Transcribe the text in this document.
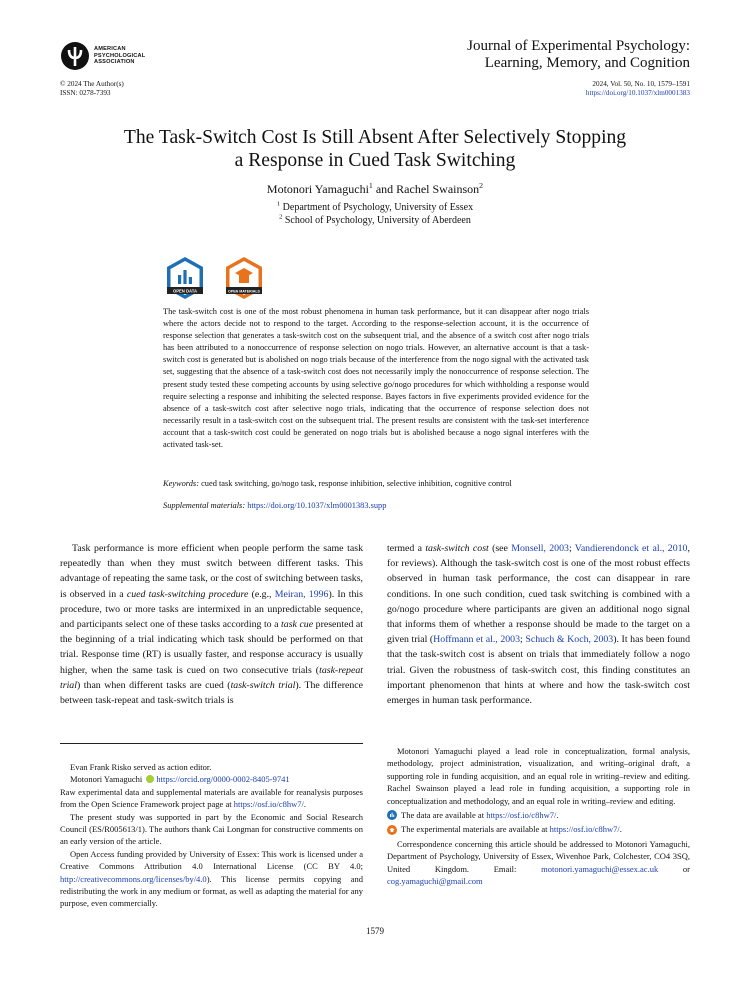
AMERICAN
PSYCHOLOGICAL
ASSOCIATION
Journal of Experimental Psychology:
Learning, Memory, and Cognition
© 2024 The Author(s)
ISSN: 0278-7393
2024, Vol. 50, No. 10, 1579–1591
https://doi.org/10.1037/xlm0001383
The Task-Switch Cost Is Still Absent After Selectively Stopping
a Response in Cued Task Switching
Motonori Yamaguchi$^1$ and Rachel Swainson$^2$
$^1$ Department of Psychology, University of Essex
$^2$ School of Psychology, University of Aberdeen
OPEN DATA	OPEN MATERIALS

The task-switch cost is one of the most robust phenomena in human task performance, but it can disappear after nogo trials where the actors decide not to respond to the target. According to the response-selection account, it is the occurrence of response selection that generates a task-switch cost on the subsequent trial, and the absence of a switch cost after nogo trials has been attributed to a nonoccurrence of response selection on nogo trials. However, an alternative account is that a task-switch cost is generated but is abolished on nogo trials because of the interference from the nogo signal with the activated task set, suggesting that the absence of a task-switch cost does not necessarily imply the nonoccurrence of response selection. The present study tested these competing accounts by using selective go/nogo procedures for which withholding a response would require selecting a response and inhibiting the selected response. Bayes factors in five experiments provided evidence for the absence of a task-switch cost after selective nogo trials, indicating that the occurrence of response selection does not necessarily result in a task-switch cost on the subsequent trial. The present results are consistent with the task-set interference account that a task-switch cost could be generated on nogo trials but is abolished because a nogo signal interferes with the activated task-set.

Keywords: cued task switching, go/nogo task, response inhibition, selective inhibition, cognitive control
Supplemental materials: https://doi.org/10.1037/xlm0001383.supp

Task performance is more efficient when people perform the same task repeatedly than when they must switch between different tasks. This advantage of repeating the same task, or the cost of switching between tasks, is observed in a cued task-switching procedure (e.g., Meiran, 1996). In this procedure, two or more tasks are intermixed in an unpredictable sequence, and participants select one of these tasks according to a task cue presented at the beginning of a trial indicating which task should be performed on that trial. Response time (RT) is usually faster, and response accuracy is usually higher, when the same task is cued on two consecutive trials (task-repeat trial) than when different tasks are cued (task-switch trial). The difference between task-repeat and task-switch trials is

termed a task-switch cost (see Monsell, 2003; Vandierendonck et al., 2010, for reviews). Although the task-switch cost is one of the most robust effects observed in human task performance, the cost can disappear in rare conditions. In one such condition, cued task switching is combined with a go/nogo procedure where participants are given an additional nogo signal that informs them of whether a response should be made to the target on a given trial (Hoffmann et al., 2003; Schuch & Koch, 2003). It has been found that the task-switch cost is absent on trials that immediately follow a nogo trial. Given the robustness of task-switch cost, this finding constitutes an important phenomenon that hints at where and how the task-switch cost emerges in human task performance.

Evan Frank Risko served as action editor.

Motonori Yamaguchi https://orcid.org/0000-0002-8405-9741

Raw experimental data and supplemental materials are available for reanalysis purposes from the Open Science Framework project page at https://osf.io/c8hw7/.

The present study was supported in part by the Economic and Social Research Council (ES/R005613/1). The authors thank Cai Longman for constructive comments on an early version of the article.

Open Access funding provided by University of Essex: This work is licensed under a Creative Commons Attribution 4.0 International License (CC BY 4.0; http://creativecommons.org/licenses/by/4.0). This license permits copying and redistributing the work in any medium or format, as well as adapting the material for any purpose, even commercially.

Motonori Yamaguchi played a lead role in conceptualization, formal analysis, methodology, project administration, visualization, and writing–original draft, a supporting role in funding acquisition, and an equal role in writing–review and editing. Rachel Swainson played a lead role in funding acquisition, a supporting role in conceptualization and methodology, and an equal role in writing–review and editing.

The data are available at https://osf.io/c8hw7/.

The experimental materials are available at https://osf.io/c8hw7/.

Correspondence concerning this article should be addressed to Motonori Yamaguchi, Department of Psychology, University of Essex, Wivenhoe Park, Colchester, CO4 3SQ, United Kingdom. Email: motonori.yamaguchi@essex.ac.uk or cog.yamaguchi@gmail.com

1579
